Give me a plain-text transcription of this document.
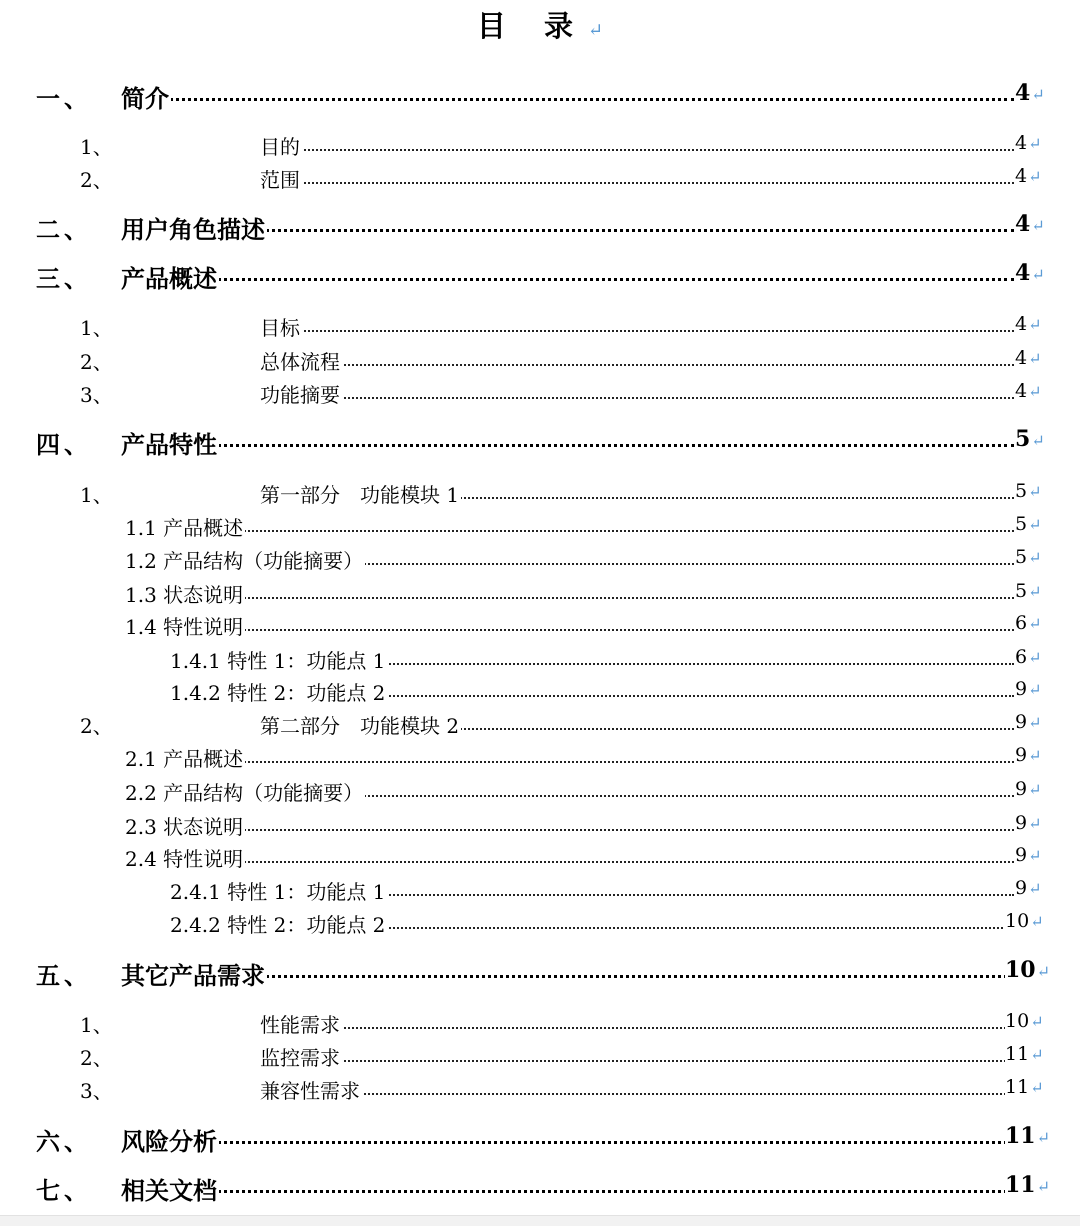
目 录↵
一、 简介	4↵
1、	目的	4↵
2、	范围	4↵
二、 用户角色描述	4↵
三、 产品概述	4↵
1、	目标	4↵
2、	总体流程	4↵
3、	功能摘要	4↵
四、 产品特性	5↵
1、	第一部分　功能模块 1	5↵
1.1 产品概述	5↵
1.2 产品结构（功能摘要）	5↵
1.3 状态说明	5↵
1.4 特性说明	6↵
1.4.1 特性 1：功能点 1	6↵
1.4.2 特性 2：功能点 2	9↵
2、	第二部分　功能模块 2	9↵
2.1 产品概述	9↵
2.2 产品结构（功能摘要）	9↵
2.3 状态说明	9↵
2.4 特性说明	9↵
2.4.1 特性 1：功能点 1	9↵
2.4.2 特性 2：功能点 2	10↵
五、 其它产品需求	10↵
1、	性能需求	10↵
2、	监控需求	11↵
3、	兼容性需求	11↵
六、 风险分析	11↵
七、 相关文档	11↵
